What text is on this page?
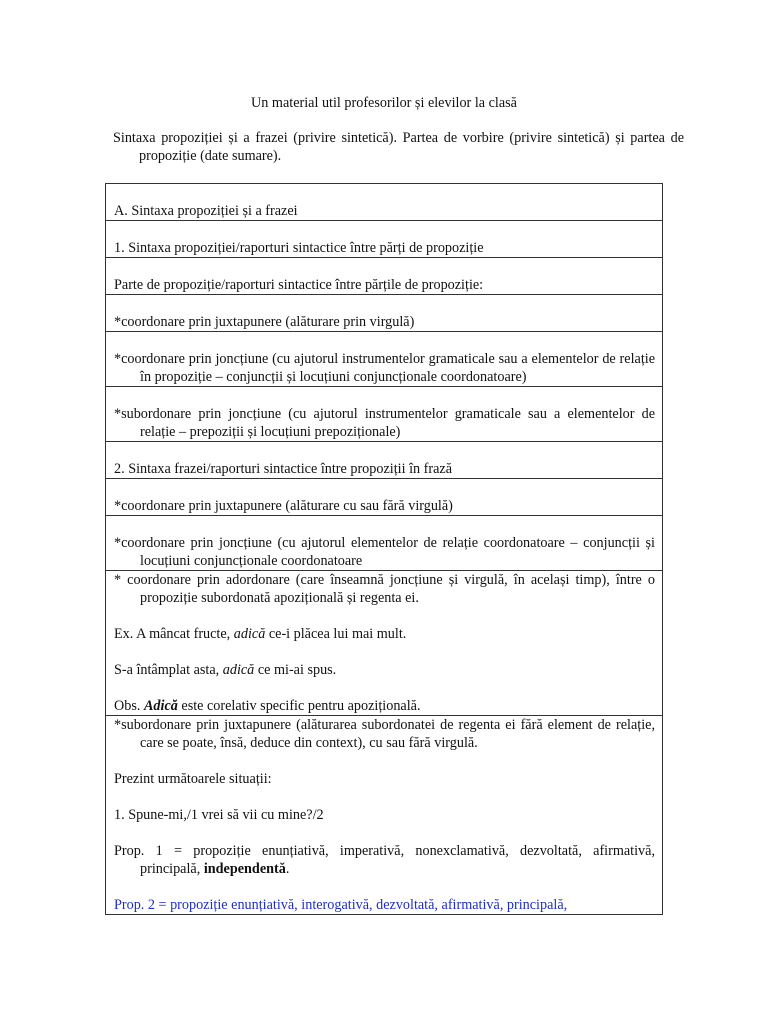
Un material util profesorilor și elevilor la clasă
Sintaxa propoziției și a frazei (privire sintetică). Partea de vorbire (privire sintetică) și partea de propoziție (date sumare).

A. Sintaxa propoziției și a frazei

1. Sintaxa propoziției/raporturi sintactice între părți de propoziție

Parte de propoziție/raporturi sintactice între părțile de propoziție:

*coordonare prin juxtapunere (alăturare prin virgulă)

*coordonare prin joncțiune (cu ajutorul instrumentelor gramaticale sau a elementelor de relație în propoziție – conjuncții și locuțiuni conjuncționale coordonatoare)

*subordonare prin joncțiune (cu ajutorul instrumentelor gramaticale sau a elementelor de relație – prepoziții și locuțiuni prepoziționale)

2. Sintaxa frazei/raporturi sintactice între propoziții în frază

*coordonare prin juxtapunere (alăturare cu sau fără virgulă)

*coordonare prin joncțiune (cu ajutorul elementelor de relație coordonatoare – conjuncții și locuțiuni conjuncționale coordonatoare

* coordonare prin adordonare (care înseamnă joncțiune și virgulă, în același timp), între o propoziție subordonată apozițională și regenta ei.

Ex. A mâncat fructe, adică ce-i plăcea lui mai mult.

S-a întâmplat asta, adică ce mi-ai spus.

Obs. Adică este corelativ specific pentru apozițională.

*subordonare prin juxtapunere (alăturarea subordonatei de regenta ei fără element de relație, care se poate, însă, deduce din context), cu sau fără virgulă.

Prezint următoarele situații:

1. Spune-mi,/1 vrei să vii cu mine?/2

Prop. 1 = propoziție enunțiativă, imperativă, nonexclamativă, dezvoltată, afirmativă, principală, independentă.

Prop. 2 = propoziție enunțiativă, interogativă, dezvoltată, afirmativă, principală,
